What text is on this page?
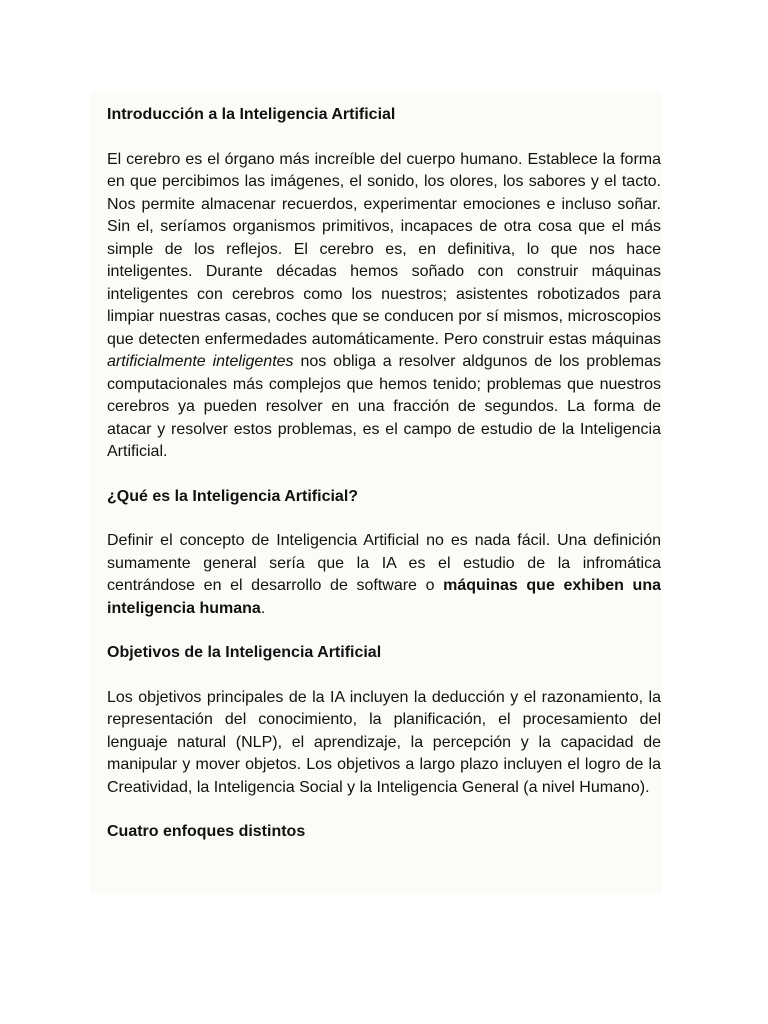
Introducción a la Inteligencia Artificial

El cerebro es el órgano más increíble del cuerpo humano. Establece la forma en que percibimos las imágenes, el sonido, los olores, los sabores y el tacto. Nos permite almacenar recuerdos, experimentar emociones e incluso soñar. Sin el, seríamos organismos primitivos, incapaces de otra cosa que el más simple de los reflejos. El cerebro es, en definitiva, lo que nos hace inteligentes. Durante décadas hemos soñado con construir máquinas inteligentes con cerebros como los nuestros; asistentes robotizados para limpiar nuestras casas, coches que se conducen por sí mismos, microscopios que detecten enfermedades automáticamente. Pero construir estas máquinas artificialmente inteligentes nos obliga a resolver aldgunos de los problemas computacionales más complejos que hemos tenido; problemas que nuestros cerebros ya pueden resolver en una fracción de segundos. La forma de atacar y resolver estos problemas, es el campo de estudio de la Inteligencia Artificial.

¿Qué es la Inteligencia Artificial?

Definir el concepto de Inteligencia Artificial no es nada fácil. Una definición sumamente general sería que la IA es el estudio de la infromática centrándose en el desarrollo de software o máquinas que exhiben una inteligencia humana.

Objetivos de la Inteligencia Artificial

Los objetivos principales de la IA incluyen la deducción y el razonamiento, la representación del conocimiento, la planificación, el procesamiento del lenguaje natural (NLP), el aprendizaje, la percepción y la capacidad de manipular y mover objetos. Los objetivos a largo plazo incluyen el logro de la Creatividad, la Inteligencia Social y la Inteligencia General (a nivel Humano).

Cuatro enfoques distintos
